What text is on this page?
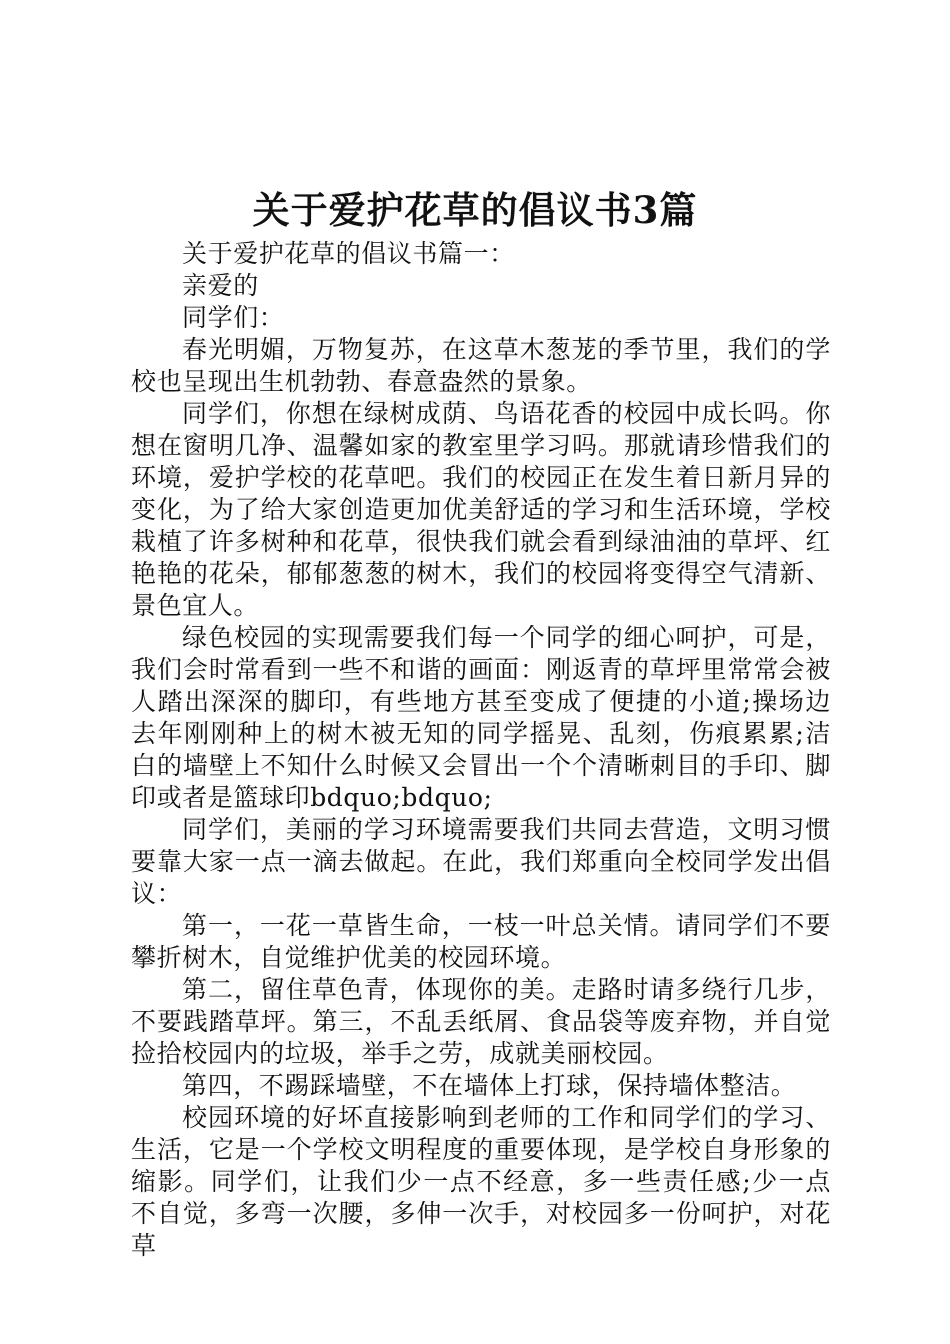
关于爱护花草的倡议书3篇

关于爱护花草的倡议书篇一：

亲爱的

同学们：

春光明媚，万物复苏，在这草木葱茏的季节里，我们的学校也呈现出生机勃勃、春意盎然的景象。

同学们，你想在绿树成荫、鸟语花香的校园中成长吗。你想在窗明几净、温馨如家的教室里学习吗。那就请珍惜我们的环境，爱护学校的花草吧。我们的校园正在发生着日新月异的变化，为了给大家创造更加优美舒适的学习和生活环境，学校栽植了许多树种和花草，很快我们就会看到绿油油的草坪、红艳艳的花朵，郁郁葱葱的树木，我们的校园将变得空气清新、景色宜人。

绿色校园的实现需要我们每一个同学的细心呵护，可是，我们会时常看到一些不和谐的画面：刚返青的草坪里常常会被人踏出深深的脚印，有些地方甚至变成了便捷的小道;操场边去年刚刚种上的树木被无知的同学摇晃、乱刻，伤痕累累;洁白的墙壁上不知什么时候又会冒出一个个清晰刺目的手印、脚印或者是篮球印bdquo;bdquo;

同学们，美丽的学习环境需要我们共同去营造，文明习惯要靠大家一点一滴去做起。在此，我们郑重向全校同学发出倡议：

第一，一花一草皆生命，一枝一叶总关情。请同学们不要攀折树木，自觉维护优美的校园环境。

第二，留住草色青，体现你的美。走路时请多绕行几步，不要践踏草坪。第三，不乱丢纸屑、食品袋等废弃物，并自觉捡拾校园内的垃圾，举手之劳，成就美丽校园。

第四，不踢踩墙壁，不在墙体上打球，保持墙体整洁。

校园环境的好坏直接影响到老师的工作和同学们的学习、生活，它是一个学校文明程度的重要体现，是学校自身形象的缩影。同学们，让我们少一点不经意，多一些责任感;少一点不自觉，多弯一次腰，多伸一次手，对校园多一份呵护，对花草
